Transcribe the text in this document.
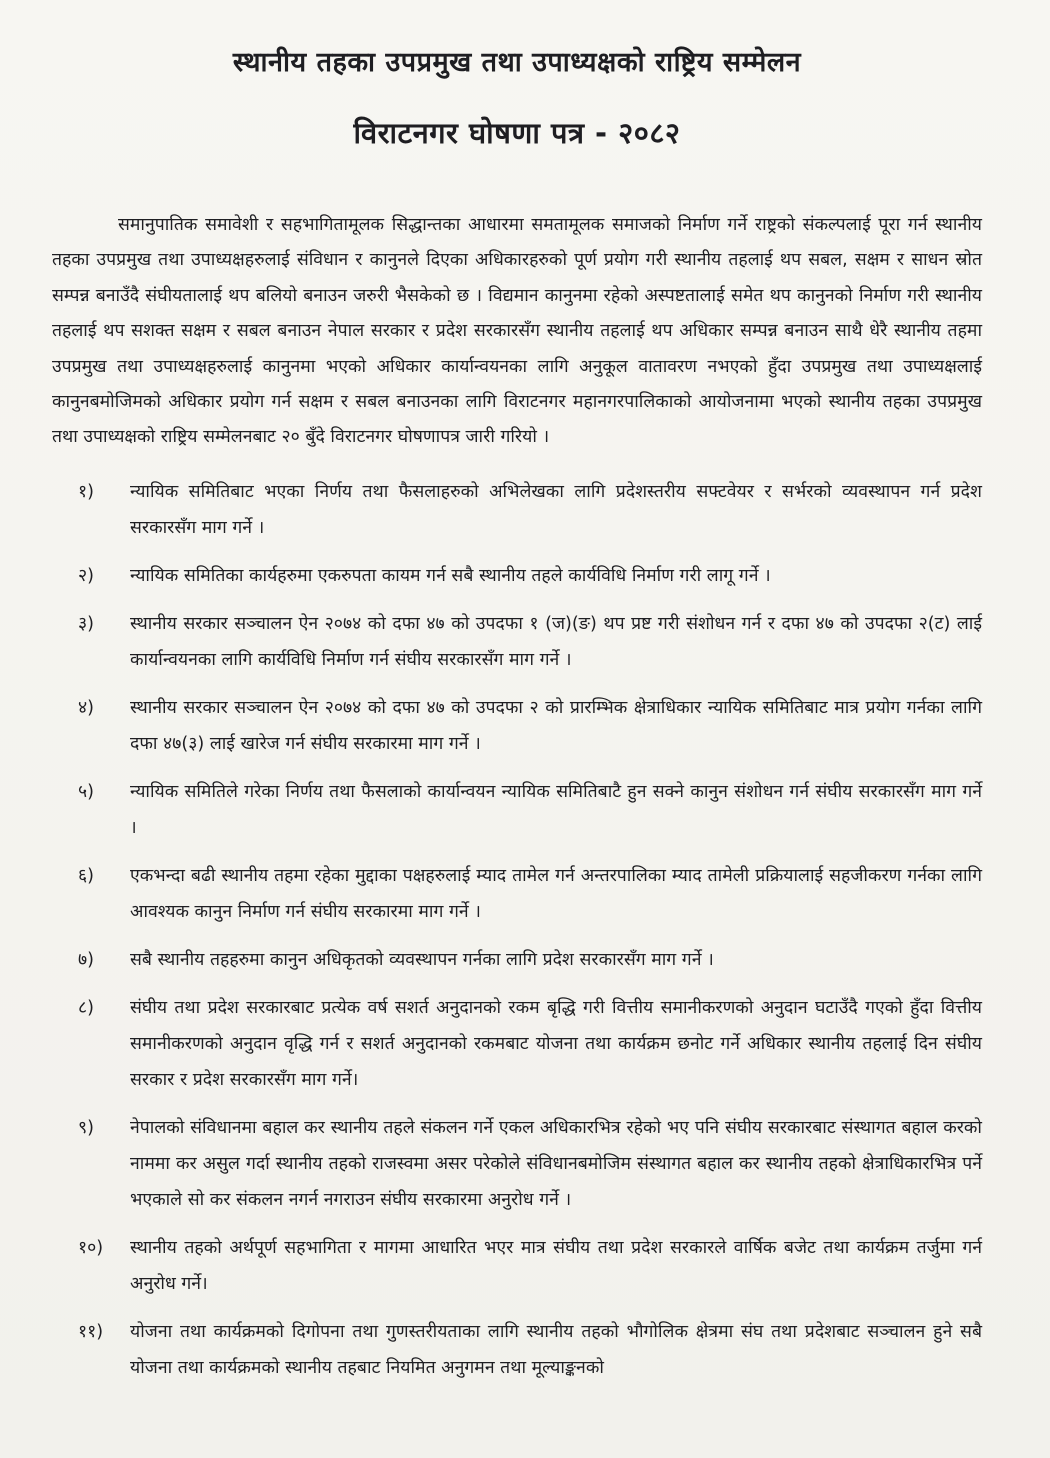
स्थानीय तहका उपप्रमुख तथा उपाध्यक्षको राष्ट्रिय सम्मेलन
विराटनगर घोषणा पत्र - २०८२

समानुपातिक समावेशी र सहभागितामूलक सिद्धान्तका आधारमा समतामूलक समाजको निर्माण गर्ने राष्ट्रको संकल्पलाई पूरा गर्न स्थानीय तहका उपप्रमुख तथा उपाध्यक्षहरुलाई संविधान र कानुनले दिएका अधिकारहरुको पूर्ण प्रयोग गरी स्थानीय तहलाई थप सबल, सक्षम र साधन स्रोत सम्पन्न बनाउँदै संघीयतालाई थप बलियो बनाउन जरुरी भैसकेको छ । विद्यमान कानुनमा रहेको अस्पष्टतालाई समेत थप कानुनको निर्माण गरी स्थानीय तहलाई थप सशक्त सक्षम र सबल बनाउन नेपाल सरकार र प्रदेश सरकारसँग स्थानीय तहलाई थप अधिकार सम्पन्न बनाउन साथै धेरै स्थानीय तहमा उपप्रमुख तथा उपाध्यक्षहरुलाई कानुनमा भएको अधिकार कार्यान्वयनका लागि अनुकूल वातावरण नभएको हुँदा उपप्रमुख तथा उपाध्यक्षलाई कानुनबमोजिमको अधिकार प्रयोग गर्न सक्षम र सबल बनाउनका लागि विराटनगर महानगरपालिकाको आयोजनामा भएको स्थानीय तहका उपप्रमुख तथा उपाध्यक्षको राष्ट्रिय सम्मेलनबाट २० बुँदे विराटनगर घोषणापत्र जारी गरियो ।

१)	न्यायिक समितिबाट भएका निर्णय तथा फैसलाहरुको अभिलेखका लागि प्रदेशस्तरीय सफ्टवेयर र सर्भरको व्यवस्थापन गर्न प्रदेश सरकारसँग माग गर्ने ।
२)	न्यायिक समितिका कार्यहरुमा एकरुपता कायम गर्न सबै स्थानीय तहले कार्यविधि निर्माण गरी लागू गर्ने ।
३)	स्थानीय सरकार सञ्चालन ऐन २०७४ को दफा ४७ को उपदफा १ (ज)(ङ) थप प्रष्ट गरी संशोधन गर्न र दफा ४७ को उपदफा २(ट) लाई कार्यान्वयनका लागि कार्यविधि निर्माण गर्न संघीय सरकारसँग माग गर्ने ।
४)	स्थानीय सरकार सञ्चालन ऐन २०७४ को दफा ४७ को उपदफा २ को प्रारम्भिक क्षेत्राधिकार न्यायिक समितिबाट मात्र प्रयोग गर्नका लागि दफा ४७(३) लाई खारेज गर्न संघीय सरकारमा माग गर्ने ।
५)	न्यायिक समितिले गरेका निर्णय तथा फैसलाको कार्यान्वयन न्यायिक समितिबाटै हुन सक्ने कानुन संशोधन गर्न संघीय सरकारसँग माग गर्ने ।
६)	एकभन्दा बढी स्थानीय तहमा रहेका मुद्दाका पक्षहरुलाई म्याद तामेल गर्न अन्तरपालिका म्याद तामेली प्रक्रियालाई सहजीकरण गर्नका लागि आवश्यक कानुन निर्माण गर्न संघीय सरकारमा माग गर्ने ।
७)	सबै स्थानीय तहहरुमा कानुन अधिकृतको व्यवस्थापन गर्नका लागि प्रदेश सरकारसँग माग गर्ने ।
८)	संघीय तथा प्रदेश सरकारबाट प्रत्येक वर्ष सशर्त अनुदानको रकम बृद्धि गरी वित्तीय समानीकरणको अनुदान घटाउँदै गएको हुँदा वित्तीय समानीकरणको अनुदान वृद्धि गर्न र सशर्त अनुदानको रकमबाट योजना तथा कार्यक्रम छनोट गर्ने अधिकार स्थानीय तहलाई दिन संघीय सरकार र प्रदेश सरकारसँग माग गर्ने।
९)	नेपालको संविधानमा बहाल कर स्थानीय तहले संकलन गर्ने एकल अधिकारभित्र रहेको भए पनि संघीय सरकारबाट संस्थागत बहाल करको नाममा कर असुल गर्दा स्थानीय तहको राजस्वमा असर परेकोले संविधानबमोजिम संस्थागत बहाल कर स्थानीय तहको क्षेत्राधिकारभित्र पर्ने भएकाले सो कर संकलन नगर्न नगराउन संघीय सरकारमा अनुरोध गर्ने ।
१०)	स्थानीय तहको अर्थपूर्ण सहभागिता र मागमा आधारित भएर मात्र संघीय तथा प्रदेश सरकारले वार्षिक बजेट तथा कार्यक्रम तर्जुमा गर्न अनुरोध गर्ने।
११)	योजना तथा कार्यक्रमको दिगोपना तथा गुणस्तरीयताका लागि स्थानीय तहको भौगोलिक क्षेत्रमा संघ तथा प्रदेशबाट सञ्चालन हुने सबै योजना तथा कार्यक्रमको स्थानीय तहबाट नियमित अनुगमन तथा मूल्याङ्कनको
